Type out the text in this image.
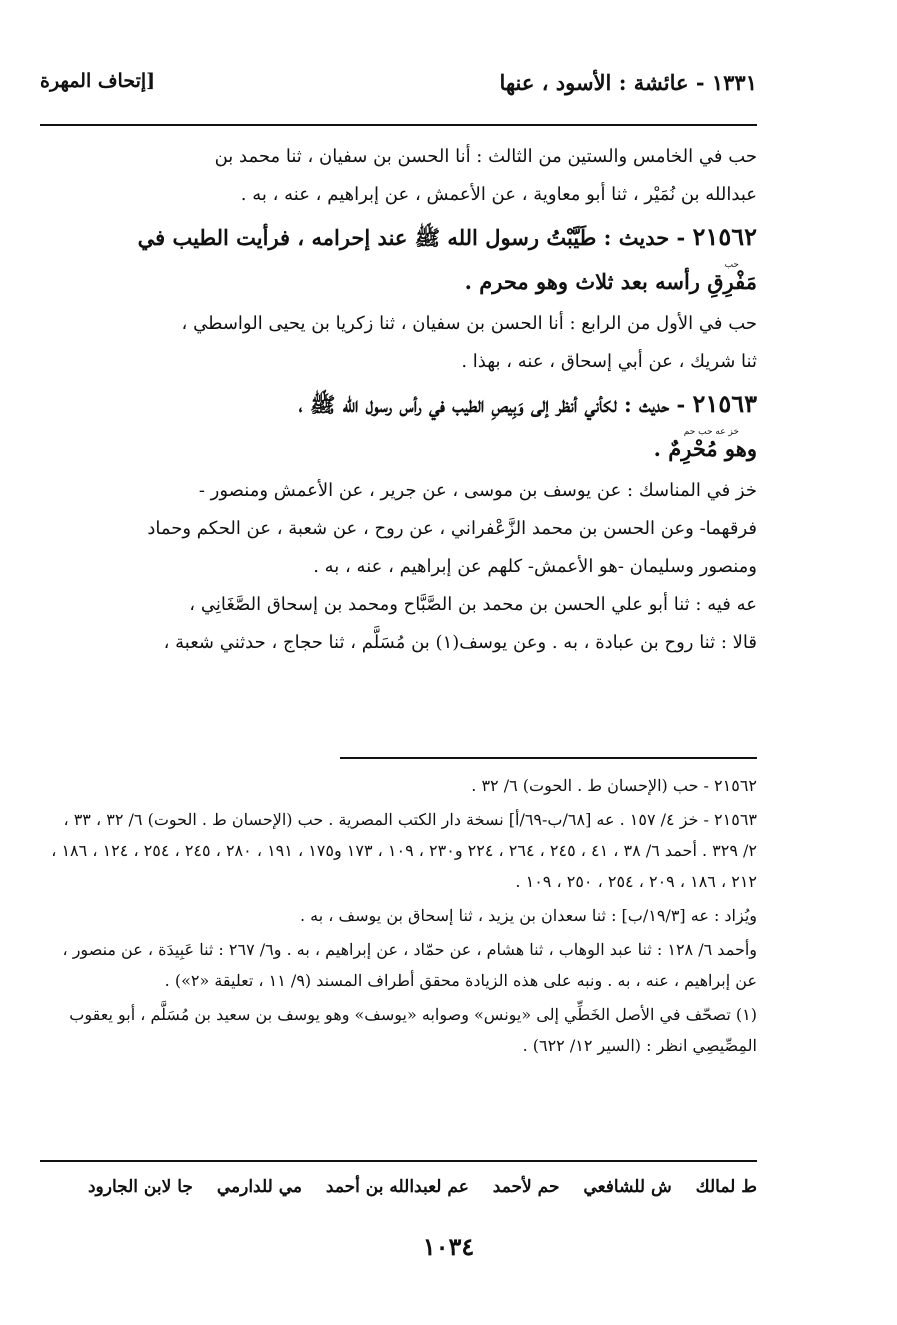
١٣٣١ - عائشة : الأسود ، عنها
[إتحاف المهرة

حب في الخامس والستين من الثالث : أنا الحسن بن سفيان ، ثنا محمد بن
عبدالله بن نُمَيْر ، ثنا أبو معاوية ، عن الأعمش ، عن إبراهيم ، عنه ، به .

٢١٥٦٢ - حديث : طَيَّبْتُ رسول الله ﷺ عند إحرامه ، فرأيت الطيب في
حب
مَفْرِقِ رأسه بعد ثلاث وهو محرم .

حب في الأول من الرابع : أنا الحسن بن سفيان ، ثنا زكريا بن يحيى الواسطي ،
ثنا شريك ، عن أبي إسحاق ، عنه ، بهذا .

٢١٥٦٣ - حديث : لكأني أنظر إلى وَبِيصِ الطيب في رأس رسول الله ﷺ ،
خز عه حب حم
وهو مُحْرِمٌ .

خز في المناسك : عن يوسف بن موسى ، عن جرير ، عن الأعمش ومنصور -
فرقهما- وعن الحسن بن محمد الزَّعْفراني ، عن روح ، عن شعبة ، عن الحكم وحماد
ومنصور وسليمان -هو الأعمش- كلهم عن إبراهيم ، عنه ، به .

عه فيه : ثنا أبو علي الحسن بن محمد بن الصَّبَّاح ومحمد بن إسحاق الصَّغَانِي ،
قالا : ثنا روح بن عبادة ، به . وعن يوسف(١) بن مُسَلَّم ، ثنا حجاج ، حدثني شعبة ،

٢١٥٦٢ - حب (الإحسان ط . الحوت) ٦/ ٣٢ .

٢١٥٦٣ - خز ٤/ ١٥٧ . عه [٦٨/ب-٦٩/أ] نسخة دار الكتب المصرية . حب (الإحسان ط . الحوت) ٦/ ٣٢ ، ٣٣ ، ٢/ ٣٢٩ . أحمد ٦/ ٣٨ ، ٤١ ، ٢٤٥ ، ٢٦٤ ، ٢٢٤ و٢٣٠ ، ١٠٩ ، ١٧٣ و١٧٥ ، ١٩١ ، ٢٨٠ ، ٢٤٥ ، ٢٥٤ ، ١٢٤ ، ١٨٦ ، ٢١٢ ، ١٨٦ ، ٢٠٩ ، ٢٥٤ ، ٢٥٠ ، ١٠٩ .

ويُزاد : عه [١٩/٣/ب] : ثنا سعدان بن يزيد ، ثنا إسحاق بن يوسف ، به .

وأحمد ٦/ ١٢٨ : ثنا عبد الوهاب ، ثنا هشام ، عن حمّاد ، عن إبراهيم ، به . و٦/ ٢٦٧ : ثنا عَبِيدَة ، عن منصور ، عن إبراهيم ، عنه ، به . ونبه على هذه الزيادة محقق أطراف المسند (٩/ ١١ ، تعليقة «٢») .

(١) تصحّف في الأصل الخَطِّي إلى «يونس» وصوابه «يوسف» وهو يوسف بن سعيد بن مُسَلَّم ، أبو يعقوب المِصِّيصِي انظر : (السير ١٢/ ٦٢٢) .

ط لمالك ش للشافعي حم لأحمد عم لعبدالله بن أحمد مي للدارمي جا لابن الجارود
١٠٣٤
